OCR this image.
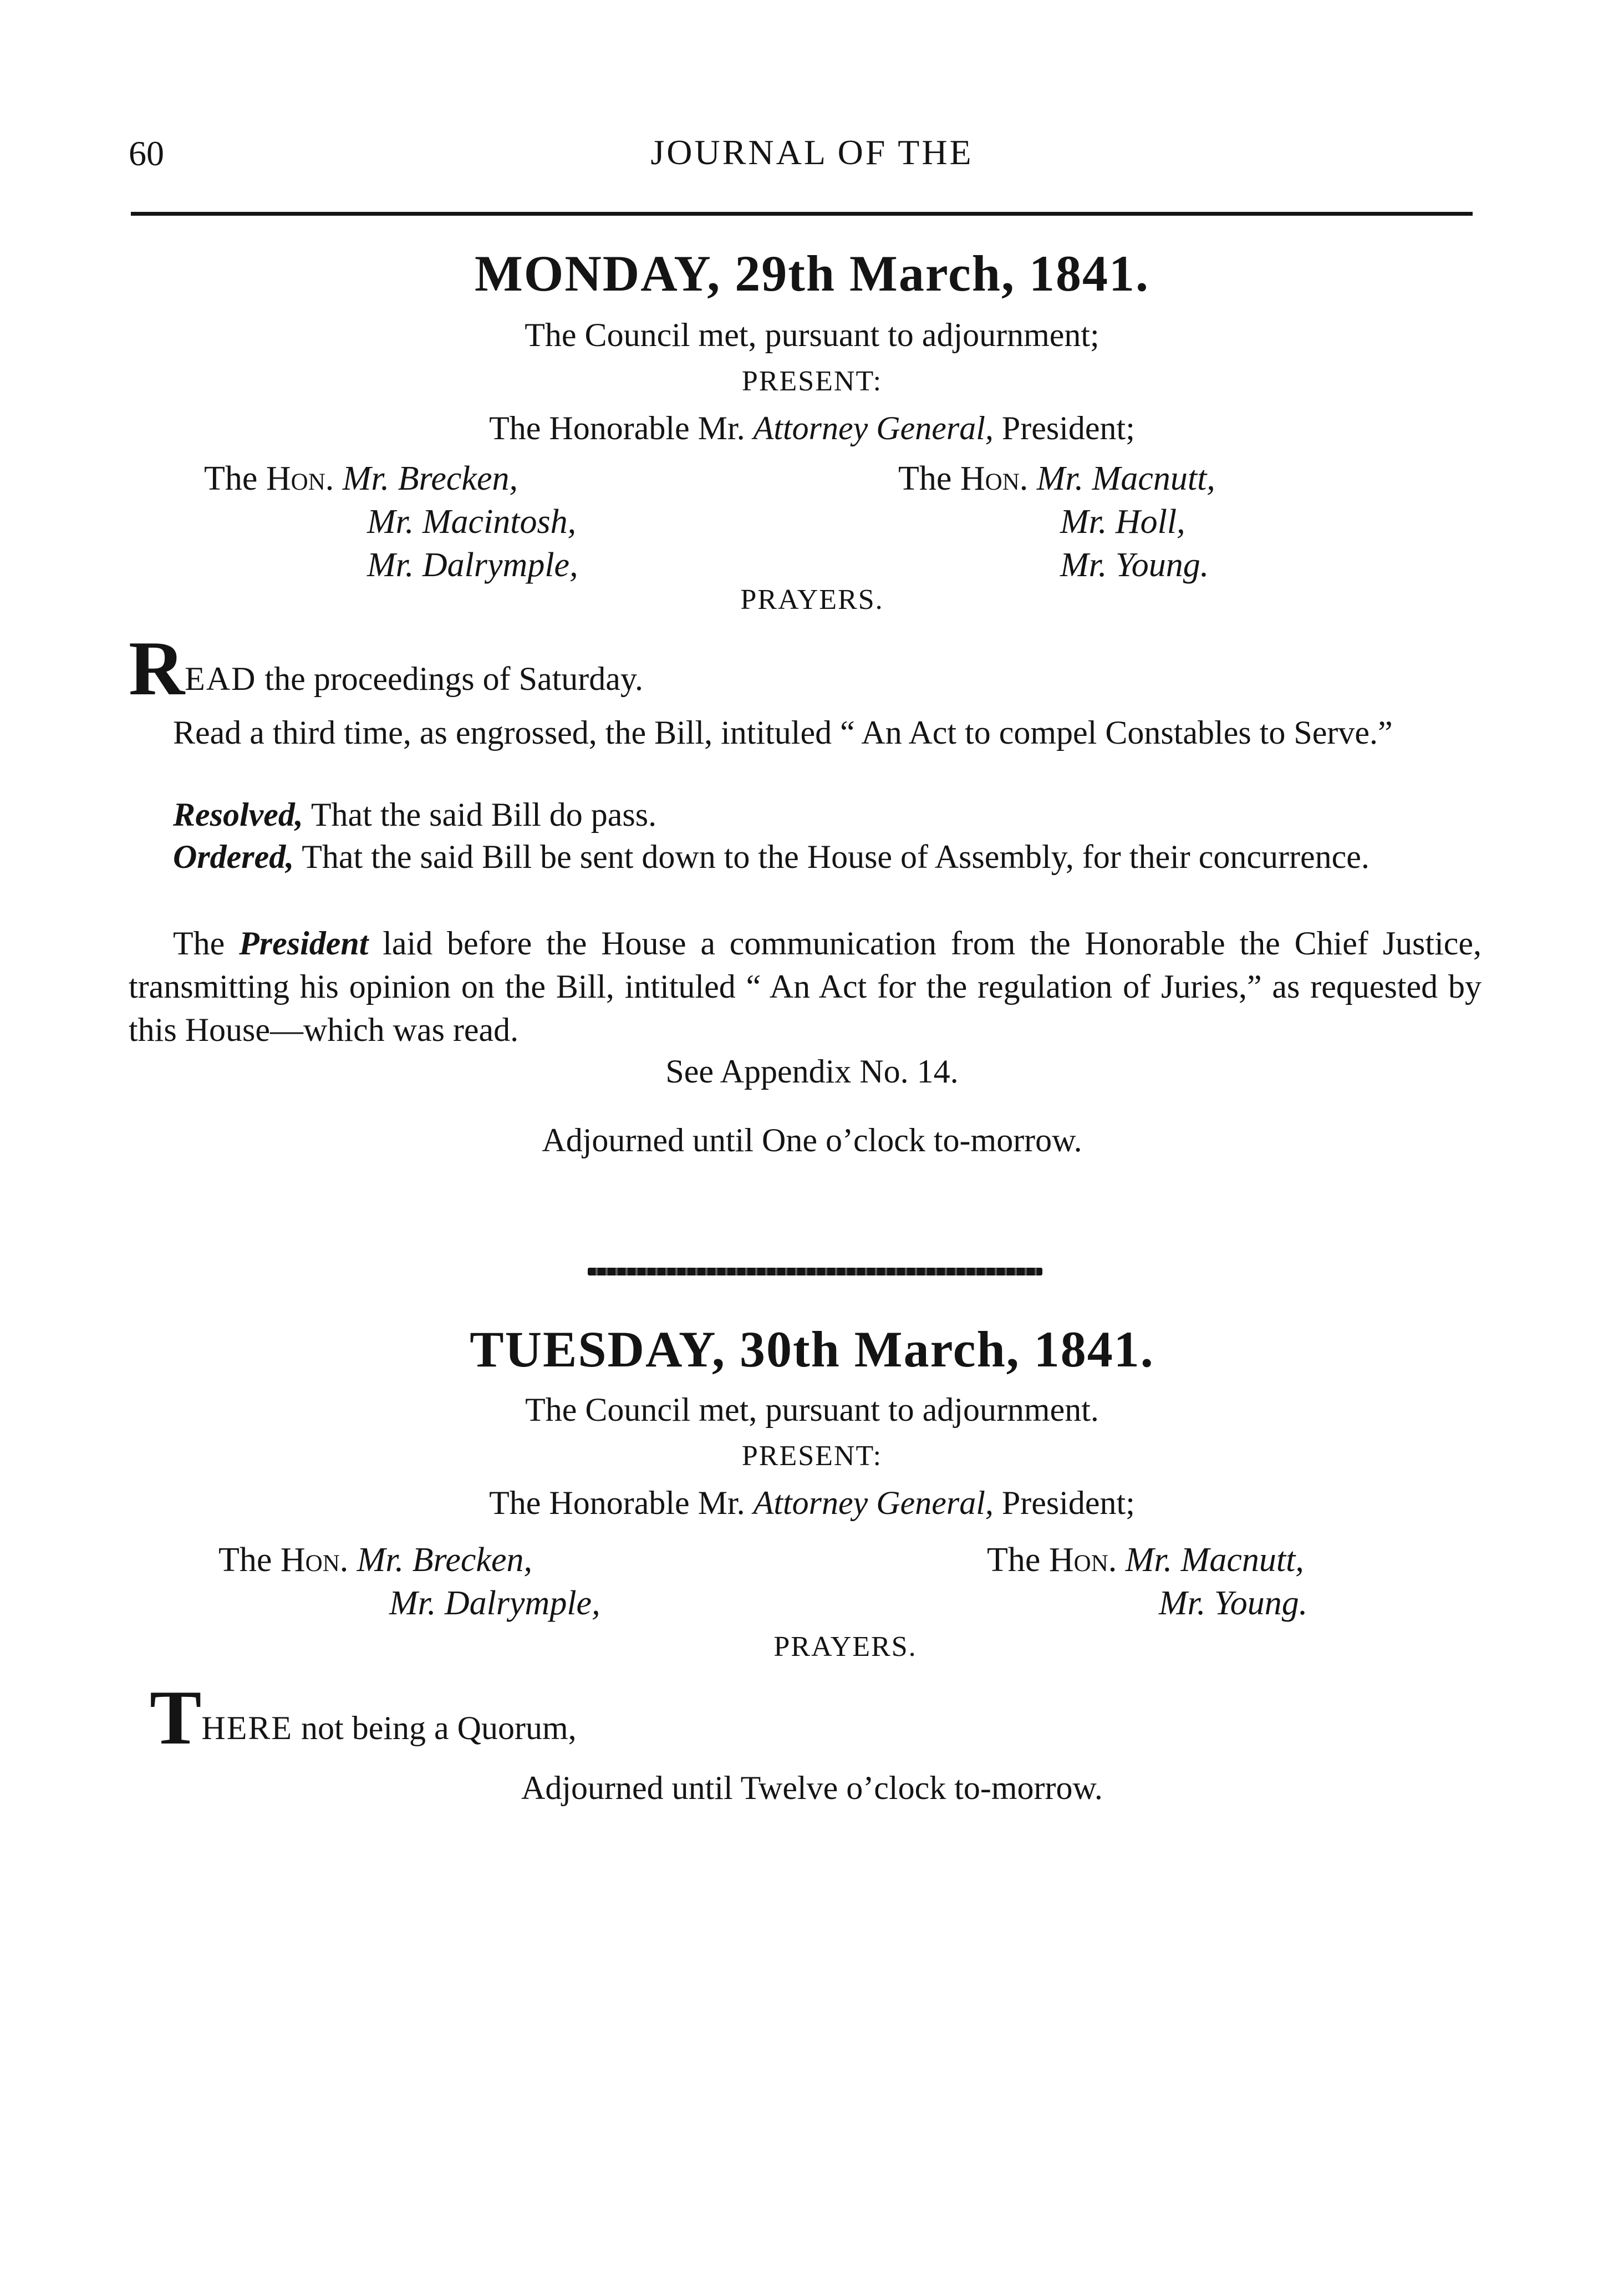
60	JOURNAL OF THE
MONDAY, 29th March, 1841.
The Council met, pursuant to adjournment;
PRESENT:
The Honorable Mr. Attorney General, President;
The Hon. Mr. Brecken,
Mr. Macintosh,
Mr. Dalrymple,
The Hon. Mr. Macnutt,
Mr. Holl,
Mr. Young.
PRAYERS.
READ the proceedings of Saturday.
Read a third time, as engrossed, the Bill, intituled “ An Act to compel Constables to Serve.”
Resolved, That the said Bill do pass.
Ordered, That the said Bill be sent down to the House of Assembly, for their concurrence.
The President laid before the House a communication from the Honorable the Chief Justice, transmitting his opinion on the Bill, intituled “ An Act for the regulation of Juries,” as requested by this House—which was read.
See Appendix No. 14.
Adjourned until One o’clock to-morrow.
TUESDAY, 30th March, 1841.
The Council met, pursuant to adjournment.
PRESENT:
The Honorable Mr. Attorney General, President;
The Hon. Mr. Brecken,
Mr. Dalrymple,
The Hon. Mr. Macnutt,
Mr. Young.
PRAYERS.
THERE not being a Quorum,
Adjourned until Twelve o’clock to-morrow.
